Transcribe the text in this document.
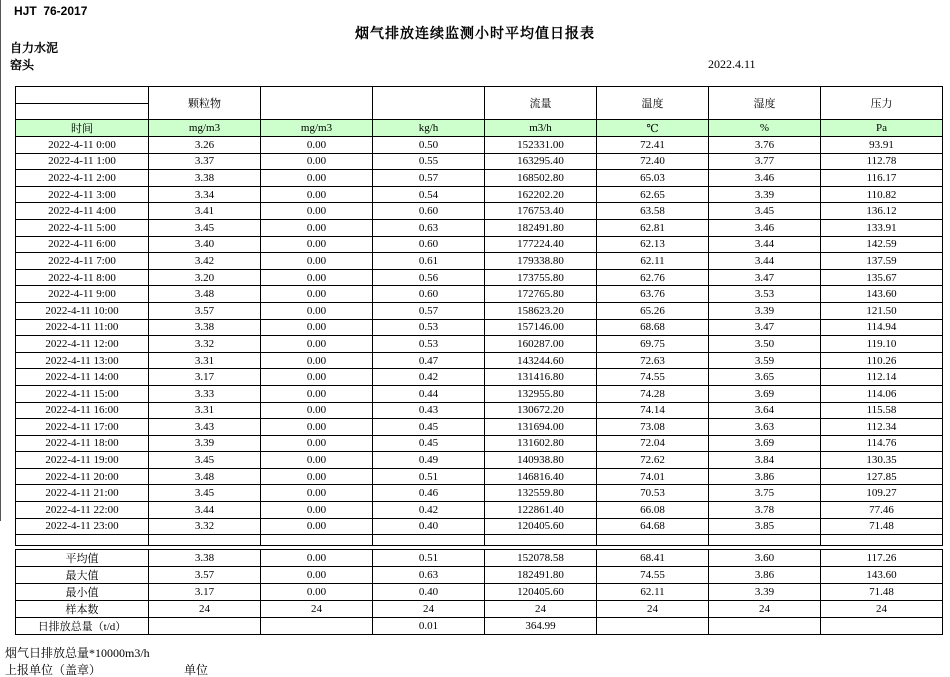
HJT  76-2017
烟气排放连续监测小时平均值日报表
自力水泥
窑头	2022.4.11
	颗粒物			流量	温度	湿度	压力

时间	mg/m3	mg/m3	kg/h	m3/h	℃	%	Pa
2022-4-11 0:00	3.26	0.00	0.50	152331.00	72.41	3.76	93.91
2022-4-11 1:00	3.37	0.00	0.55	163295.40	72.40	3.77	112.78
2022-4-11 2:00	3.38	0.00	0.57	168502.80	65.03	3.46	116.17
2022-4-11 3:00	3.34	0.00	0.54	162202.20	62.65	3.39	110.82
2022-4-11 4:00	3.41	0.00	0.60	176753.40	63.58	3.45	136.12
2022-4-11 5:00	3.45	0.00	0.63	182491.80	62.81	3.46	133.91
2022-4-11 6:00	3.40	0.00	0.60	177224.40	62.13	3.44	142.59
2022-4-11 7:00	3.42	0.00	0.61	179338.80	62.11	3.44	137.59
2022-4-11 8:00	3.20	0.00	0.56	173755.80	62.76	3.47	135.67
2022-4-11 9:00	3.48	0.00	0.60	172765.80	63.76	3.53	143.60
2022-4-11 10:00	3.57	0.00	0.57	158623.20	65.26	3.39	121.50
2022-4-11 11:00	3.38	0.00	0.53	157146.00	68.68	3.47	114.94
2022-4-11 12:00	3.32	0.00	0.53	160287.00	69.75	3.50	119.10
2022-4-11 13:00	3.31	0.00	0.47	143244.60	72.63	3.59	110.26
2022-4-11 14:00	3.17	0.00	0.42	131416.80	74.55	3.65	112.14
2022-4-11 15:00	3.33	0.00	0.44	132955.80	74.28	3.69	114.06
2022-4-11 16:00	3.31	0.00	0.43	130672.20	74.14	3.64	115.58
2022-4-11 17:00	3.43	0.00	0.45	131694.00	73.08	3.63	112.34
2022-4-11 18:00	3.39	0.00	0.45	131602.80	72.04	3.69	114.76
2022-4-11 19:00	3.45	0.00	0.49	140938.80	72.62	3.84	130.35
2022-4-11 20:00	3.48	0.00	0.51	146816.40	74.01	3.86	127.85
2022-4-11 21:00	3.45	0.00	0.46	132559.80	70.53	3.75	109.27
2022-4-11 22:00	3.44	0.00	0.42	122861.40	66.08	3.78	77.46
2022-4-11 23:00	3.32	0.00	0.40	120405.60	64.68	3.85	71.48

平均值	3.38	0.00	0.51	152078.58	68.41	3.60	117.26
最大值	3.57	0.00	0.63	182491.80	74.55	3.86	143.60
最小值	3.17	0.00	0.40	120405.60	62.11	3.39	71.48
样本数	24	24	24	24	24	24	24
日排放总量（t/d）			0.01	364.99			
烟气日排放总量*10000m3/h
上报单位（盖章）	单位
